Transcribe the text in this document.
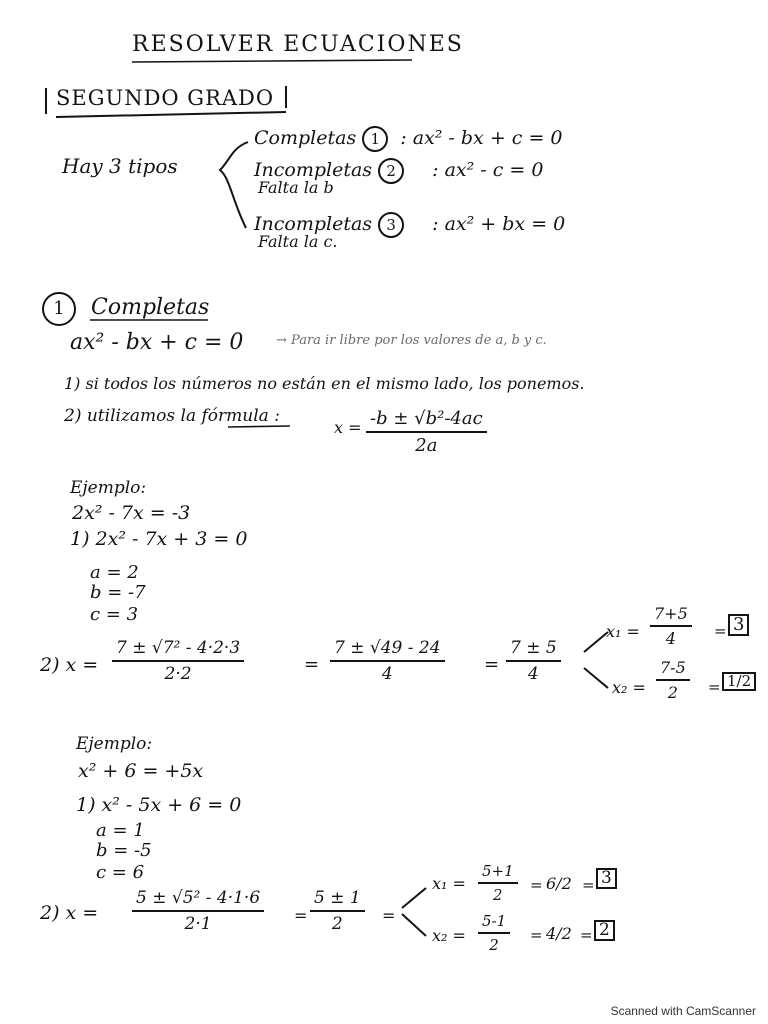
RESOLVER ECUACIONES
SEGUNDO GRADO
Hay 3 tipos
Completas 1 : ax² - bx + c = 0
Incompletas 2 : ax² - c = 0
Falta la b
Incompletas 3 : ax² + bx = 0
Falta la c.
1 Completas
ax² - bx + c = 0	→ Para ir libre por los valores de a, b y c.
1) si todos los números no están en el mismo lado, los ponemos.
2) utilizamos la fórmula :
$x = \frac{\text{-b ± √b²-4ac}}{2a}$
Ejemplo:
2x² - 7x = -3
1) 2x² - 7x + 3 = 0
a = 2
b = -7
c = 3
2) $x = \frac{\text{7 ± √7² - 4·2·3}}{2\cdot 2}$	= $\frac{7 \pm √49 - 24}{4} = \frac{7 \pm 5}{4}$
$x_1 = \frac{7+5}{4} = 3$
$x_2 = \frac{7-5}{2} = 1/2$
Ejemplo:
x² + 6 = +5x
1) x² - 5x + 6 = 0
a = 1
b = -5
c = 6
2) $x = \frac{\text{5 ± √5² - 4·1·6}}{2\cdot 1} = \frac{5 \pm 1}{2}$ =
$x_1 = \frac{5+1}{2} = 6/2 = 3$
$x_2 = \frac{5-1}{2} = 4/2 = 2$
Scanned with CamScanner
